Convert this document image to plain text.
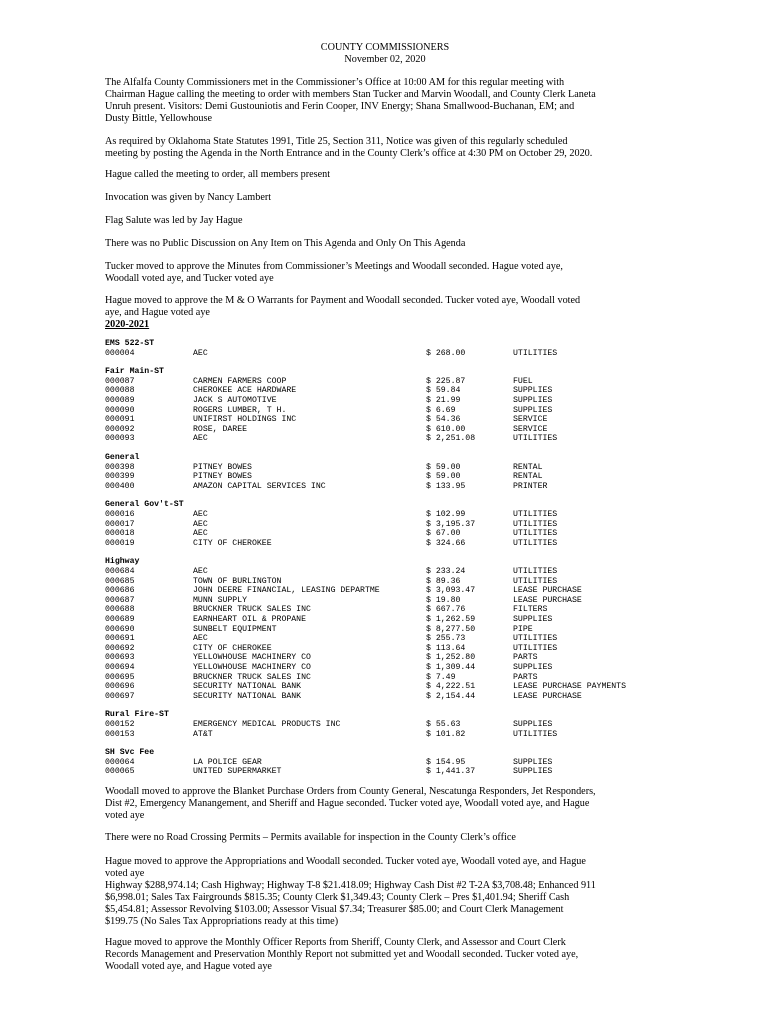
COUNTY COMMISSIONERS
November 02, 2020

The Alfalfa County Commissioners met in the Commissioner’s Office at 10:00 AM for this regular meeting with
Chairman Hague calling the meeting to order with members Stan Tucker and Marvin Woodall, and County Clerk Laneta
Unruh present. Visitors: Demi Gustouniotis and Ferin Cooper, INV Energy; Shana Smallwood-Buchanan, EM; and
Dusty Bittle, Yellowhouse

As required by Oklahoma State Statutes 1991, Title 25, Section 311, Notice was given of this regularly scheduled
meeting by posting the Agenda in the North Entrance and in the County Clerk’s office at 4:30 PM on October 29, 2020.

Hague called the meeting to order, all members present

Invocation was given by Nancy Lambert

Flag Salute was led by Jay Hague

There was no Public Discussion on Any Item on This Agenda and Only On This Agenda

Tucker moved to approve the Minutes from Commissioner’s Meetings and Woodall seconded. Hague voted aye,
Woodall voted aye, and Tucker voted aye

Hague moved to approve the M & O Warrants for Payment and Woodall seconded. Tucker voted aye, Woodall voted
aye, and Hague voted aye

2020-2021
EMS 522-ST
000004	AEC	$ 268.00	UTILITIES
Fair Main-ST
000087	CARMEN FARMERS COOP	$ 225.87	FUEL
000088	CHEROKEE ACE HARDWARE	$ 59.84	SUPPLIES
000089	JACK S AUTOMOTIVE	$ 21.99	SUPPLIES
000090	ROGERS LUMBER, T H.	$ 6.69	SUPPLIES
000091	UNIFIRST HOLDINGS INC	$ 54.36	SERVICE
000092	ROSE, DAREE	$ 610.00	SERVICE
000093	AEC	$ 2,251.08	UTILITIES
General
000398	PITNEY BOWES	$ 59.00	RENTAL
000399	PITNEY BOWES	$ 59.00	RENTAL
000400	AMAZON CAPITAL SERVICES INC	$ 133.95	PRINTER
General Gov't-ST
000016	AEC	$ 102.99	UTILITIES
000017	AEC	$ 3,195.37	UTILITIES
000018	AEC	$ 67.00	UTILITIES
000019	CITY OF CHEROKEE	$ 324.66	UTILITIES
Highway
000684	AEC	$ 233.24	UTILITIES
000685	TOWN OF BURLINGTON	$ 89.36	UTILITIES
000686	JOHN DEERE FINANCIAL, LEASING DEPARTME	$ 3,093.47	LEASE PURCHASE
000687	MUNN SUPPLY	$ 19.80	LEASE PURCHASE
000688	BRUCKNER TRUCK SALES INC	$ 667.76	FILTERS
000689	EARNHEART OIL & PROPANE	$ 1,262.59	SUPPLIES
000690	SUNBELT EQUIPMENT	$ 8,277.50	PIPE
000691	AEC	$ 255.73	UTILITIES
000692	CITY OF CHEROKEE	$ 113.64	UTILITIES
000693	YELLOWHOUSE MACHINERY CO	$ 1,252.80	PARTS
000694	YELLOWHOUSE MACHINERY CO	$ 1,309.44	SUPPLIES
000695	BRUCKNER TRUCK SALES INC	$ 7.49	PARTS
000696	SECURITY NATIONAL BANK	$ 4,222.51	LEASE PURCHASE PAYMENTS
000697	SECURITY NATIONAL BANK	$ 2,154.44	LEASE PURCHASE
Rural Fire-ST
000152	EMERGENCY MEDICAL PRODUCTS INC	$ 55.63	SUPPLIES
000153	AT&T	$ 101.82	UTILITIES
SH Svc Fee
000064	LA POLICE GEAR	$ 154.95	SUPPLIES
000065	UNITED SUPERMARKET	$ 1,441.37	SUPPLIES

Woodall moved to approve the Blanket Purchase Orders from County General, Nescatunga Responders, Jet Responders,
Dist #2, Emergency Manangement, and Sheriff and Hague seconded. Tucker voted aye, Woodall voted aye, and Hague
voted aye

There were no Road Crossing Permits – Permits available for inspection in the County Clerk’s office

Hague moved to approve the Appropriations and Woodall seconded. Tucker voted aye, Woodall voted aye, and Hague
voted aye
Highway $288,974.14; Cash Highway; Highway T-8 $21.418.09; Highway Cash Dist #2 T-2A $3,708.48; Enhanced 911
$6,998.01; Sales Tax Fairgrounds $815.35; County Clerk $1,349.43; County Clerk – Pres $1,401.94; Sheriff Cash
$5,454.81; Assessor Revolving $103.00; Assessor Visual $7.34; Treasurer $85.00; and Court Clerk Management
$199.75 (No Sales Tax Appropriations ready at this time)

Hague moved to approve the Monthly Officer Reports from Sheriff, County Clerk, and Assessor and Court Clerk
Records Management and Preservation Monthly Report not submitted yet and Woodall seconded. Tucker voted aye,
Woodall voted aye, and Hague voted aye
